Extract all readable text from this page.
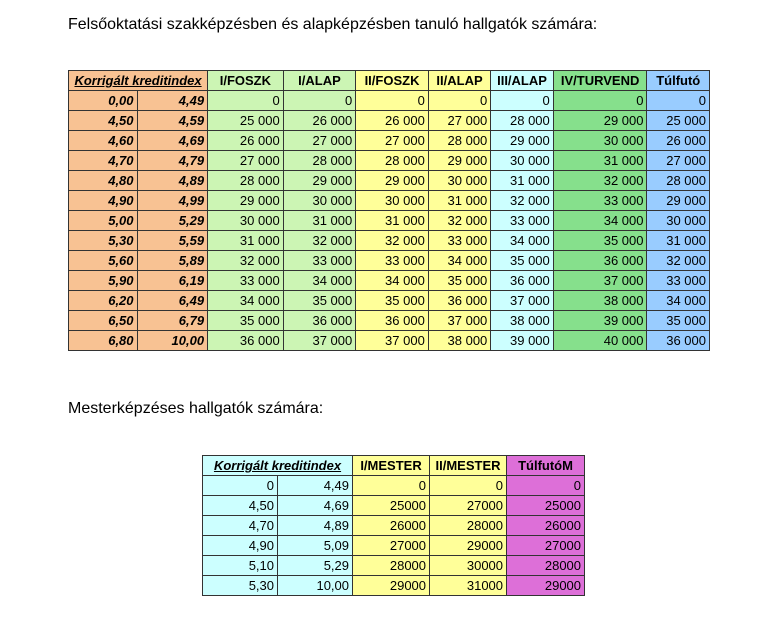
Felsőoktatási szakképzésben és alapképzésben tanuló hallgatók számára:
Korrigált kreditindex		I/FOSZK	I/ALAP	II/FOSZK	II/ALAP	III/ALAP	IV/TURVEND	Túlfutó
0,00	4,49	0	0	0	0	0	0	0
4,50	4,59	25 000	26 000	26 000	27 000	28 000	29 000	25 000
4,60	4,69	26 000	27 000	27 000	28 000	29 000	30 000	26 000
4,70	4,79	27 000	28 000	28 000	29 000	30 000	31 000	27 000
4,80	4,89	28 000	29 000	29 000	30 000	31 000	32 000	28 000
4,90	4,99	29 000	30 000	30 000	31 000	32 000	33 000	29 000
5,00	5,29	30 000	31 000	31 000	32 000	33 000	34 000	30 000
5,30	5,59	31 000	32 000	32 000	33 000	34 000	35 000	31 000
5,60	5,89	32 000	33 000	33 000	34 000	35 000	36 000	32 000
5,90	6,19	33 000	34 000	34 000	35 000	36 000	37 000	33 000
6,20	6,49	34 000	35 000	35 000	36 000	37 000	38 000	34 000
6,50	6,79	35 000	36 000	36 000	37 000	38 000	39 000	35 000
6,80	10,00	36 000	37 000	37 000	38 000	39 000	40 000	36 000
Mesterképzéses hallgatók számára:
Korrigált kreditindex		I/MESTER	II/MESTER	TúlfutóM
0	4,49	0	0	0
4,50	4,69	25000	27000	25000
4,70	4,89	26000	28000	26000
4,90	5,09	27000	29000	27000
5,10	5,29	28000	30000	28000
5,30	10,00	29000	31000	29000
